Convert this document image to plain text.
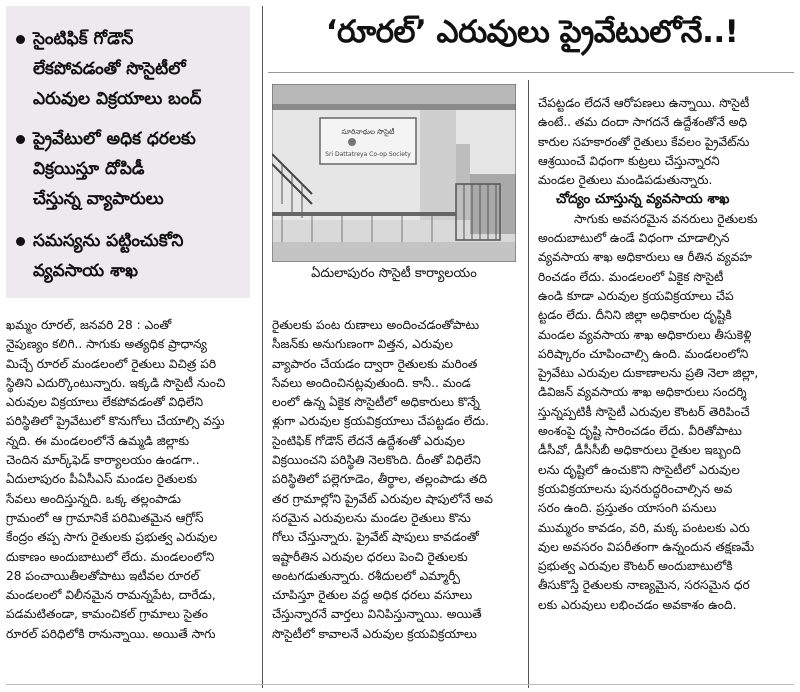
సైంటిఫిక్ గోడౌన్
లేకపోవడంతో సొసైటీలో
ఎరువుల విక్రయాలు బంద్
ప్రైవేటులో అధిక ధరలకు
విక్రయిస్తూ దోపిడీ
చేస్తున్న వ్యాపారులు
సమస్యను పట్టించుకోని
వ్యవసాయ శాఖ
‘రూరల్’ ఎరువులు ప్రైవేటులోనే..!
సూరినాథుల సొసైటీ
Sri Dattatreya Co-op Society
ఏదులాపురం సొసైటీ కార్యాలయం

ఖమ్మం రూరల్, జనవరి 28 : ఎంతో

నైపుణ్యం కలిగి.. సాగుకు అత్యధిక ప్రాధాన్య

మిచ్చే రూరల్ మండలంలో రైతులు విచిత్ర పరి

స్థితిని ఎదుర్కొంటున్నారు. ఇక్కడి సొసైటీ నుంచి

ఎరువుల విక్రయాలు లేకపోవడంతో విధిలేని

పరిస్థితిలో ప్రైవేటులో కొనుగోలు చేయాల్సి వస్తు

న్నది. ఈ మండలంలోనే ఉమ్మడి జిల్లాకు

చెందిన మార్క్‌ఫెడ్ కార్యాలయం ఉండగా..

ఏదులాపురం పీఏసీఎస్ మండల రైతులకు

సేవలు అందిస్తున్నది. ఒక్క తల్లంపాడు

గ్రామంలో ఆ గ్రామానికే పరిమితమైన ఆగ్రోస్

కేంద్రం తప్ప సాగు రైతులకు ప్రభుత్వ ఎరువుల

దుకాణం అందుబాటులో లేదు. మండలంలోని

28 పంచాయితీలతోపాటు ఇటీవల రూరల్

మండలంలో విలీనమైన రామన్నపేట, దారేడు,

పడమటితండా, కామంచికల్ గ్రామాలు సైతం

రూరల్ పరిధిలోకి రానున్నాయి. అయితే సాగు

రైతులకు పంట రుణాలు అందించడంతోపాటు

సీజన్‌కు అనుగుణంగా విత్తన, ఎరువుల

వ్యాపారం చేయడం ద్వారా రైతులకు మరింత

సేవలు అందించినట్లవుతుంది. కానీ.. మండ

లంలో ఉన్న ఏకైక సొసైటీలో అధికారులు కొన్నే

ళ్లుగా ఎరువుల క్రయవిక్రయాలు చేపట్టడం లేదు.

సైంటిఫిక్ గోడౌన్ లేదనే ఉద్దేశంతో ఎరువుల

విక్రయించని పరిస్థితి నెలకొంది. దీంతో విధిలేని

పరిస్థితిలో పల్లెగూడెం, తీర్థాల, తల్లంపాడు తది

తర గ్రామాల్లోని ప్రైవేట్ ఎరువుల షాపులోనే అవ

సరమైన ఎరువులను మండల రైతులు కొను

గోలు చేస్తున్నారు. ప్రైవేట్ షాపులు కావడంతో

ఇష్టారీతిన ఎరువుల ధరలు పెంచి రైతులకు

అంటగడుతున్నారు. రశీదులలో ఎమ్మార్పీ

చూపిస్తూ రైతుల వద్ద అధిక ధరలు వసూలు

చేస్తున్నారనే వార్తలు వినిపిస్తున్నాయి. అయితే

సొసైటీలో కావాలనే ఎరువుల క్రయవిక్రయాలు

చేపట్టడం లేదనే ఆరోపణలు ఉన్నాయి. సొసైటీ

ఉంటే.. తమ దందా సాగదనే ఉద్దేశంతోనే అధి

కారుల సహకారంతో రైతులు కేవలం ప్రైవేట్‌ను

ఆశ్రయించే విధంగా కుట్రలు చేస్తున్నారని

మండల రైతులు మండిపడుతున్నారు.

చోద్యం చూస్తున్న వ్యవసాయ శాఖ

సాగుకు అవసరమైన వనరులు రైతులకు

అందుబాటులో ఉండే విధంగా చూడాల్సిన

వ్యవసాయ శాఖ అధికారులు ఆ రీతిన వ్యవహ

రించడం లేదు. మండలంలో ఏకైక సొసైటీ

ఉండి కూడా ఎరువుల క్రయవిక్రయాలు చేప

ట్టడం లేదు. దీనిని జిల్లా అధికారుల దృష్టికి

మండల వ్యవసాయ శాఖ అధికారులు తీసుకెళ్లి

పరిష్కారం చూపించాల్సి ఉంది. మండలంలోని

ప్రైవేటు ఎరువుల దుకాణాలను ప్రతి నెలా జిల్లా,

డివిజన్ వ్యవసాయ శాఖ అధికారులు సందర్శి

స్తున్నప్పటికీ సొసైటీ ఎరువుల కౌంటర్ తెరిపించే

అంశంపై దృష్టి సారించడం లేదు. వీరితోపాటు

డీసీవో, డీసీసీబీ అధికారులు రైతుల ఇబ్బంది

లను దృష్టిలో ఉంచుకొని సొసైటీలో ఎరువుల

క్రయవిక్రయాలను పునరుద్ధరించాల్సిన అవ

సరం ఉంది. ప్రస్తుతం యాసంగి పనులు

ముమ్మరం కావడం, వరి, మక్క పంటలకు ఎరు

వుల అవసరం విపరీతంగా ఉన్నందున తక్షణమే

ప్రభుత్వ ఎరువుల కౌంటర్ అందుబాటులోకి

తీసుకొస్తే రైతులకు నాణ్యమైన, సరసమైన ధర

లకు ఎరువులు లభించడం అవకాశం ఉంది.
